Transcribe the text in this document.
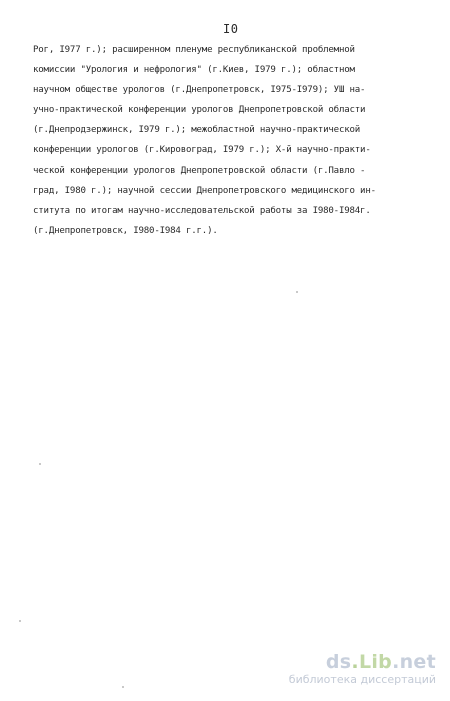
I0
Рог, I977 г.); расширенном пленуме республиканской проблемной
комиссии "Урология и нефрология" (г.Киев, I979 г.); областном
научном обществе урологов (г.Днепропетровск, I975-I979); УШ на-
учно-практической конференции урологов Днепропетровской области
(г.Днепродзержинск, I979 г.); межобластной научно-практической
конференции урологов (г.Кировоград, I979 г.); Х-й научно-практи-
ческой конференции урологов Днепропетровской области (г.Павло -
град, I980 г.); научной сессии Днепропетровского медицинского ин-
ститута по итогам научно-исследовательской работы за I980-I984г.
(г.Днепропетровск, I980-I984 г.г.).
ds.Lib.net
библиотека диссертаций
